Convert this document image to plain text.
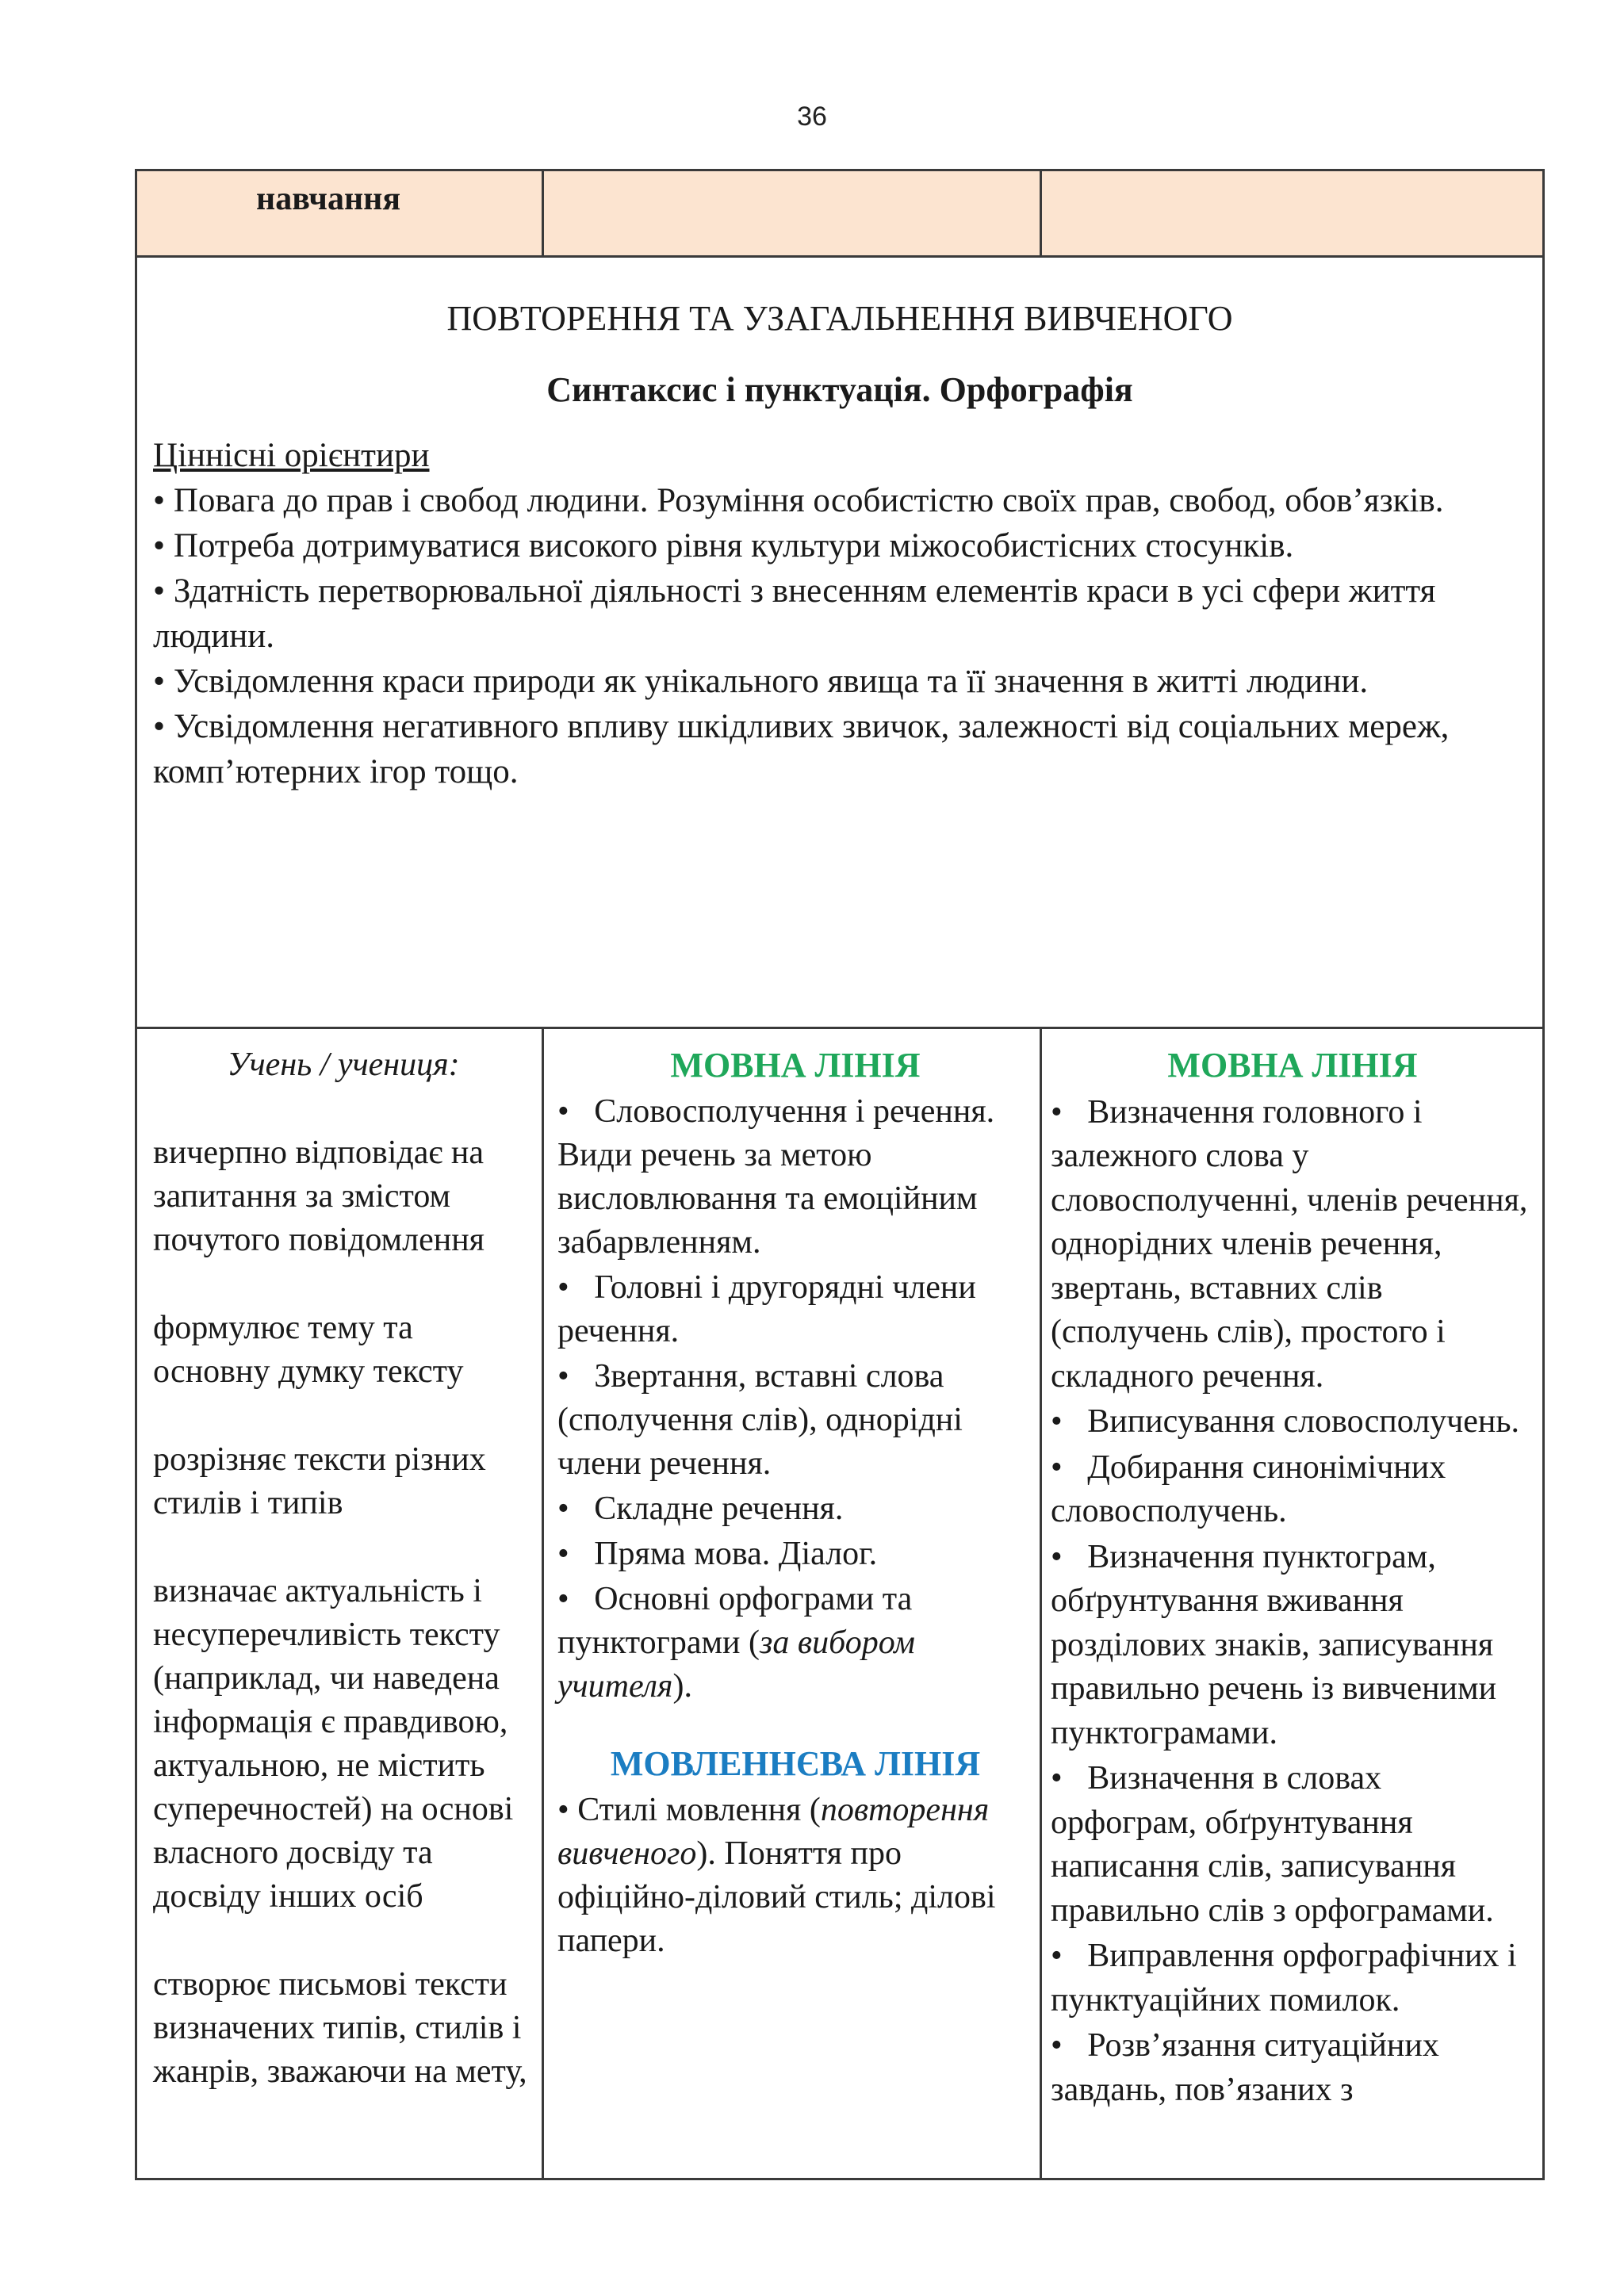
36
навчання
ПОВТОРЕННЯ ТА УЗАГАЛЬНЕННЯ ВИВЧЕНОГО
Синтаксис і пунктуація. Орфографія
Ціннісні орієнтири

• Повага до прав і свобод людини. Розуміння особистістю своїх прав, свобод, обов’язків.

• Потреба дотримуватися високого рівня культури міжособистісних стосунків.

• Здатність перетворювальної діяльності з внесенням елементів краси в усі сфери життя людини.

• Усвідомлення краси природи як унікального явища та її значення в житті людини.

• Усвідомлення негативного впливу шкідливих звичок, залежності від соціальних мереж, комп’ютерних ігор тощо.

Учень / учениця:

вичерпно відповідає на запитання за змістом почутого повідомлення

формулює тему та основну думку тексту

розрізняє тексти різних стилів і типів

визначає актуальність і несуперечливість тексту (наприклад, чи наведена інформація є правдивою, актуальною, не містить суперечностей) на основі власного досвіду та досвіду інших осіб

створює письмові тексти визначених типів, стилів і жанрів, зважаючи на мету,

МОВНА ЛІНІЯ
•   Словосполучення і речення. Види речень за метою висловлювання та емоційним забарвленням.
•   Головні і другорядні члени речення.
•   Звертання, вставні слова (сполучення слів), однорідні члени речення.
•   Складне речення.
•   Пряма мова. Діалог.
•   Основні орфограми та пунктограми (за вибором учителя).
МОВЛЕННЄВА ЛІНІЯ
• Стилі мовлення (повторення вивченого). Поняття про офіційно-діловий стиль; ділові папери.
МОВНА ЛІНІЯ
•   Визначення головного і залежного слова у словосполученні, членів речення, однорідних членів речення, звертань, вставних слів (сполучень слів), простого і складного речення.
•   Виписування словосполучень.
•   Добирання синонімічних словосполучень.
•   Визначення пунктограм, обґрунтування вживання розділових знаків, записування правильно речень із вивченими пунктограмами.
•   Визначення в словах орфограм, обґрунтування написання слів, записування правильно слів з орфограмами.
•   Виправлення орфографічних і пунктуаційних помилок.
•   Розв’язання ситуаційних завдань, пов’язаних з
